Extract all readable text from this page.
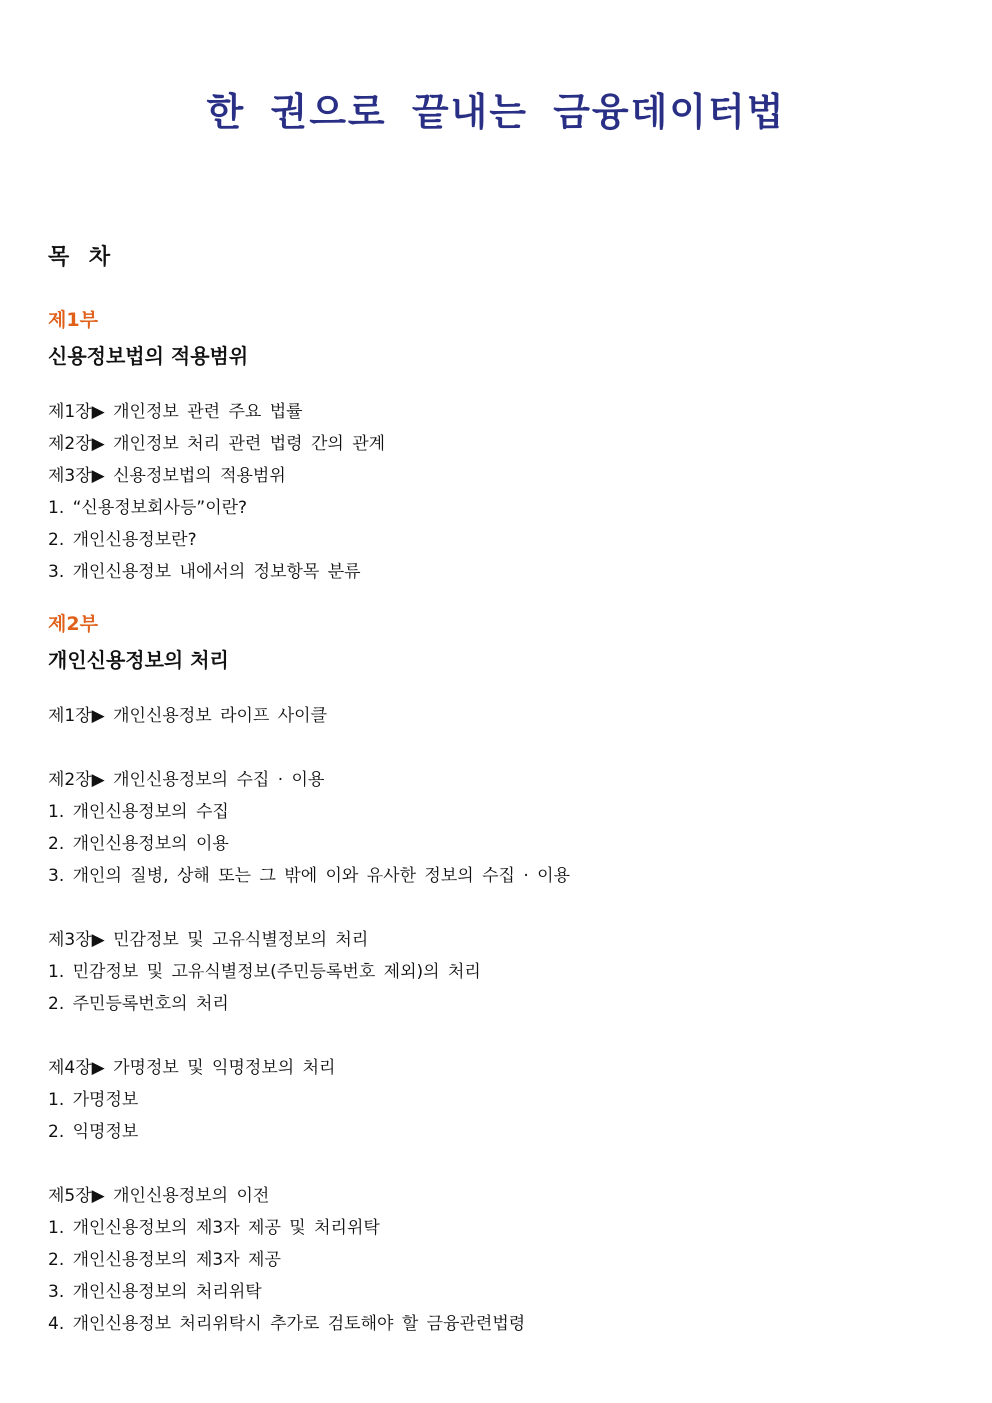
한 권으로 끝내는 금융데이터법
목 차
제1부
신용정보법의 적용범위
제1장▶ 개인정보 관련 주요 법률
제2장▶ 개인정보 처리 관련 법령 간의 관계
제3장▶ 신용정보법의 적용범위
1. “신용정보회사등”이란?
2. 개인신용정보란?
3. 개인신용정보 내에서의 정보항목 분류
제2부
개인신용정보의 처리
제1장▶ 개인신용정보 라이프 사이클
제2장▶ 개인신용정보의 수집 · 이용
1. 개인신용정보의 수집
2. 개인신용정보의 이용
3. 개인의 질병, 상해 또는 그 밖에 이와 유사한 정보의 수집 · 이용
제3장▶ 민감정보 및 고유식별정보의 처리
1. 민감정보 및 고유식별정보(주민등록번호 제외)의 처리
2. 주민등록번호의 처리
제4장▶ 가명정보 및 익명정보의 처리
1. 가명정보
2. 익명정보
제5장▶ 개인신용정보의 이전
1. 개인신용정보의 제3자 제공 및 처리위탁
2. 개인신용정보의 제3자 제공
3. 개인신용정보의 처리위탁
4. 개인신용정보 처리위탁시 추가로 검토해야 할 금융관련법령
